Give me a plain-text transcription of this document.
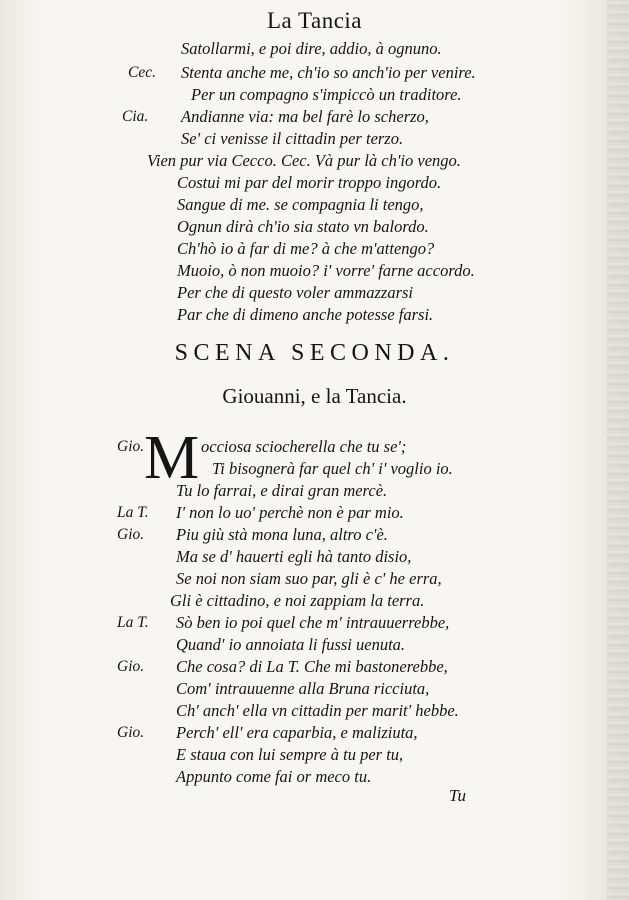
La Tancia
Satollarmi, e poi dire, addio, à ognuno.
Cec. Stenta anche me, ch'io so anch'io per venire.
Per un compagno s'impiccò un traditore.
Cia. Andianne via: ma bel farè lo scherzo,
Se' ci venisse il cittadin per terzo.
Vien pur via Cecco. Cec. Và pur là ch'io vengo.
Costui mi par del morir troppo ingordo.
Sangue di me. se compagnia li tengo,
Ognun dirà ch'io sia stato vn balordo.
Ch'hò io à far di me? à che m'attengo?
Muoio, ò non muoio? i' vorre' farne accordo.
Per che di questo voler ammazzarsi
Par che di dimeno anche potesse farsi.
SCENA SECONDA.
Giouanni, e la Tancia.
M
Gio.	occiosa sciocherella che tu se';
Ti bisognerà far quel ch' i' voglio io.
Tu lo farrai, e dirai gran mercè.
La T. I' non lo uo' perchè non è par mio.
Gio. Piu giù stà mona luna, altro c'è.
Ma se d' hauerti egli hà tanto disio,
Se noi non siam suo par, gli è c' he erra,
Gli è cittadino, e noi zappiam la terra.
La T. Sò ben io poi quel che m' intrauuerrebbe,
Quand' io annoiata li fussi uenuta.
Gio. Che cosa? di La T. Che mi bastonerebbe,
Com' intrauuenne alla Bruna ricciuta,
Ch' anch' ella vn cittadin per marit' hebbe.
Gio. Perch' ell' era caparbia, e maliziuta,
E staua con lui sempre à tu per tu,
Appunto come fai or meco tu.
Tu
